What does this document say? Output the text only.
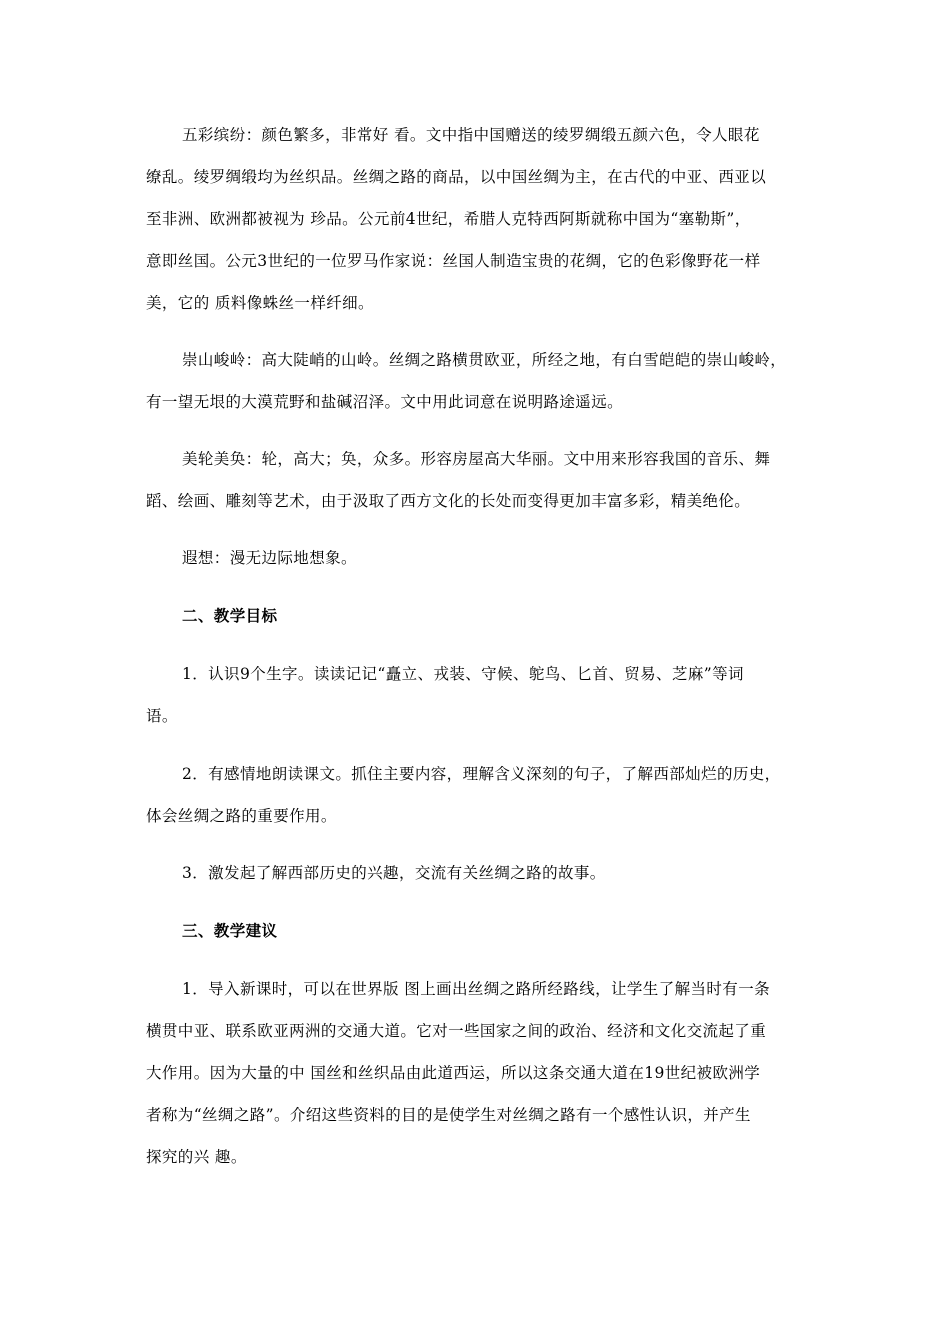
五彩缤纷：颜色繁多，非常好 看。文中指中国赠送的绫罗绸缎五颜六色，令人眼花
缭乱。绫罗绸缎均为丝织品。丝绸之路的商品，以中国丝绸为主，在古代的中亚、西亚以
至非洲、欧洲都被视为 珍品。公元前4世纪，希腊人克特西阿斯就称中国为“塞勒斯”，
意即丝国。公元3世纪的一位罗马作家说：丝国人制造宝贵的花绸，它的色彩像野花一样
美，它的 质料像蛛丝一样纤细。
崇山峻岭：高大陡峭的山岭。丝绸之路横贯欧亚，所经之地，有白雪皑皑的崇山峻岭，
有一望无垠的大漠荒野和盐碱沼泽。文中用此词意在说明路途遥远。
美轮美奂：轮，高大；奂，众多。形容房屋高大华丽。文中用来形容我国的音乐、舞
蹈、绘画、雕刻等艺术，由于汲取了西方文化的长处而变得更加丰富多彩，精美绝伦。
遐想：漫无边际地想象。
二、教学目标
1．认识9个生字。读读记记“矗立、戎装、守候、鸵鸟、匕首、贸易、芝麻”等词
语。
2．有感情地朗读课文。抓住主要内容，理解含义深刻的句子，了解西部灿烂的历史，
体会丝绸之路的重要作用。
3．激发起了解西部历史的兴趣，交流有关丝绸之路的故事。
三、教学建议
1．导入新课时，可以在世界版 图上画出丝绸之路所经路线，让学生了解当时有一条
横贯中亚、联系欧亚两洲的交通大道。它对一些国家之间的政治、经济和文化交流起了重
大作用。因为大量的中 国丝和丝织品由此道西运，所以这条交通大道在19世纪被欧洲学
者称为“丝绸之路”。介绍这些资料的目的是使学生对丝绸之路有一个感性认识，并产生
探究的兴 趣。
